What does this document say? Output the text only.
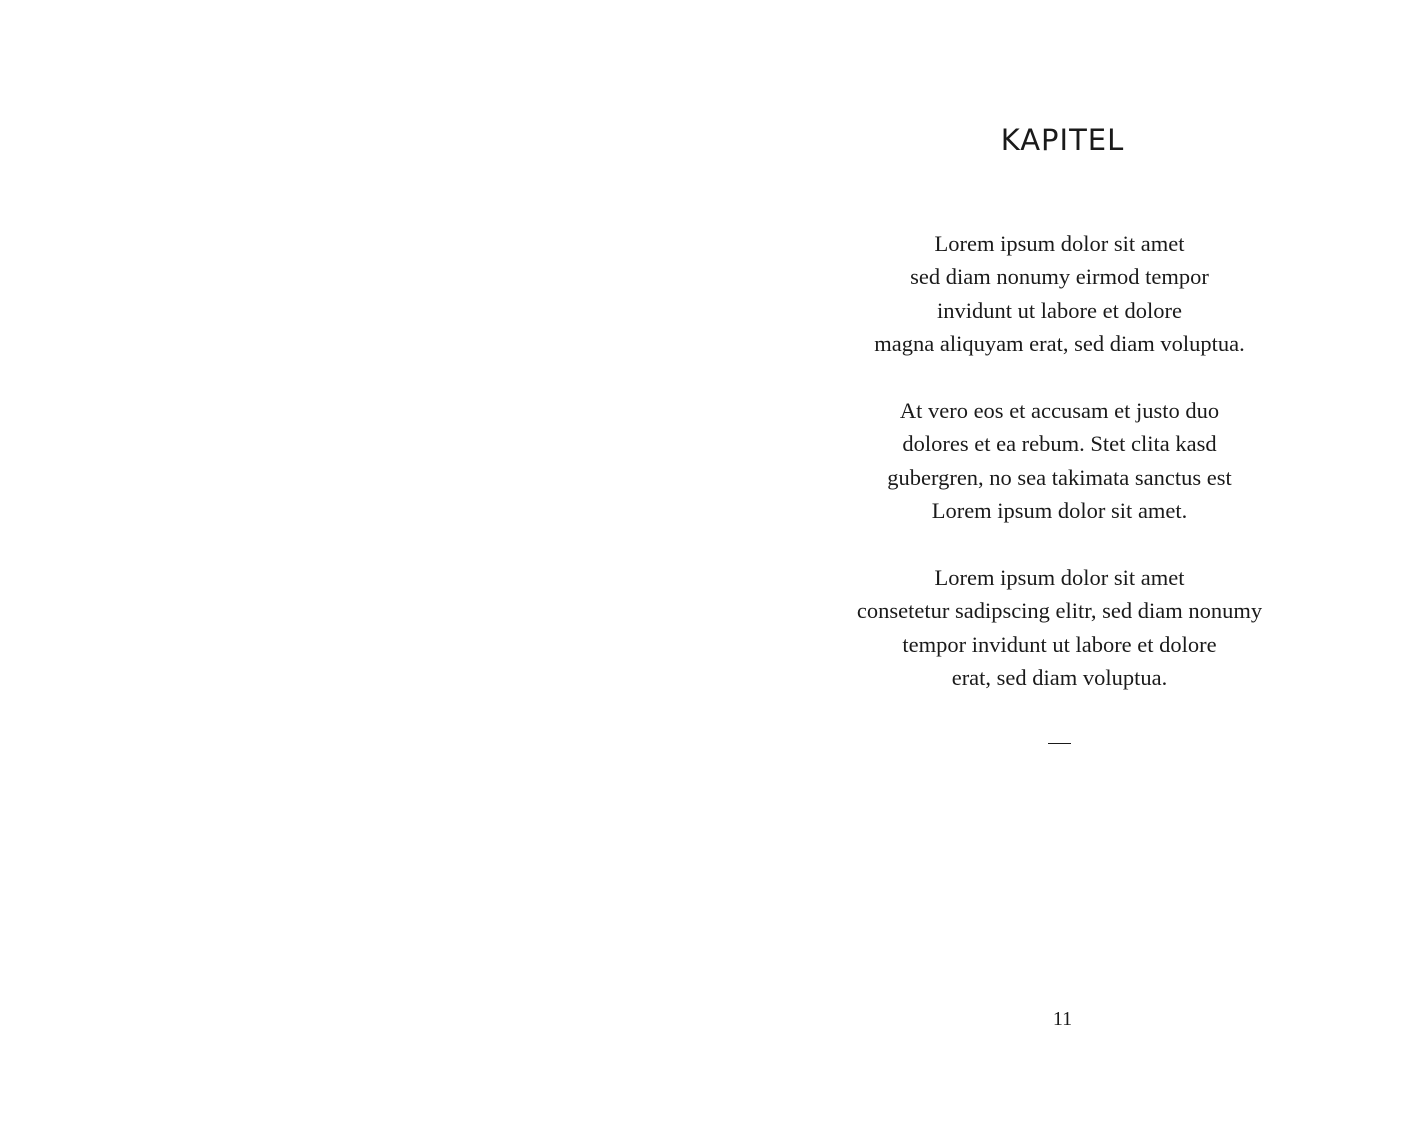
KAPITEL

Lorem ipsum dolor sit amet
sed diam nonumy eirmod tempor
invidunt ut labore et dolore
magna aliquyam erat, sed diam voluptua.

At vero eos et accusam et justo duo
dolores et ea rebum. Stet clita kasd
gubergren, no sea takimata sanctus est
Lorem ipsum dolor sit amet.

Lorem ipsum dolor sit amet
consetetur sadipscing elitr, sed diam nonumy
tempor invidunt ut labore et dolore
erat, sed diam voluptua.

11
